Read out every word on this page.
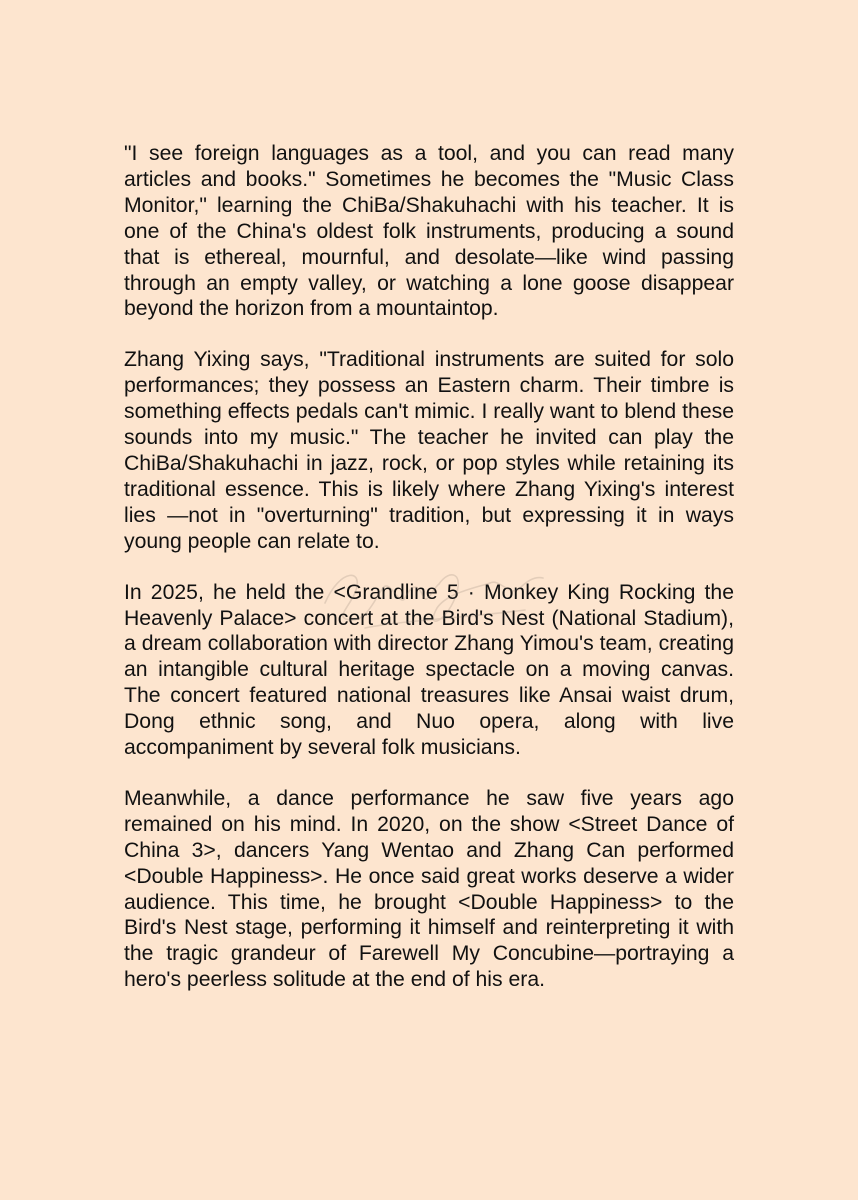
"I see foreign languages as a tool, and you can read many articles and books." Sometimes he becomes the "Music Class Monitor," learning the ChiBa/Shakuhachi with his teacher. It is one of the China's oldest folk instruments, producing a sound that is ethereal, mournful, and desolate—like wind passing through an empty valley, or watching a lone goose disappear beyond the horizon from a mountaintop.

Zhang Yixing says, "Traditional instruments are suited for solo performances; they possess an Eastern charm. Their timbre is something effects pedals can't mimic. I really want to blend these sounds into my music." The teacher he invited can play the ChiBa/Shakuhachi in jazz, rock, or pop styles while retaining its traditional essence. This is likely where Zhang Yixing's interest lies —not in "overturning" tradition, but expressing it in ways young people can relate to.

In 2025, he held the <Grandline 5 · Monkey King Rocking the Heavenly Palace> concert at the Bird's Nest (National Stadium), a dream collaboration with director Zhang Yimou's team, creating an intangible cultural heritage spectacle on a moving canvas. The concert featured national treasures like Ansai waist drum, Dong ethnic song, and Nuo opera, along with live accompaniment by several folk musicians.

Meanwhile, a dance performance he saw five years ago remained on his mind. In 2020, on the show <Street Dance of China 3>, dancers Yang Wentao and Zhang Can performed <Double Happiness>. He once said great works deserve a wider audience. This time, he brought <Double Happiness> to the Bird's Nest stage, performing it himself and reinterpreting it with the tragic grandeur of Farewell My Concubine—portraying a hero's peerless solitude at the end of his era.
